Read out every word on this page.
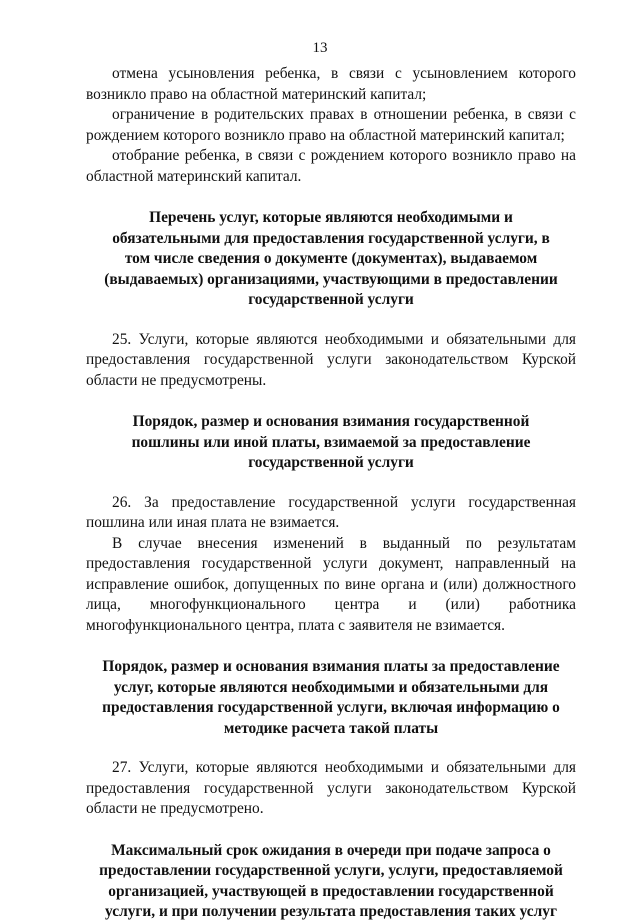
13

отмена усыновления ребенка, в связи с усыновлением которого возникло право на областной материнский капитал;

ограничение в родительских правах в отношении ребенка, в связи с рождением которого возникло право на областной материнский капитал;

отобрание ребенка, в связи с рождением которого возникло право на областной материнский капитал.

Перечень услуг, которые являются необходимыми и обязательными для предоставления государственной услуги, в том числе сведения о документе (документах), выдаваемом (выдаваемых) организациями, участвующими в предоставлении государственной услуги

25. Услуги, которые являются необходимыми и обязательными для предоставления государственной услуги законодательством Курской области не предусмотрены.

Порядок, размер и основания взимания государственной пошлины или иной платы, взимаемой за предоставление государственной услуги

26. За предоставление государственной услуги государственная пошлина или иная плата не взимается.

В случае внесения изменений в выданный по результатам предоставления государственной услуги документ, направленный на исправление ошибок, допущенных по вине органа и (или) должностного лица, многофункционального центра и (или) работника многофункционального центра, плата с заявителя не взимается.

Порядок, размер и основания взимания платы за предоставление услуг, которые являются необходимыми и обязательными для предоставления государственной услуги, включая информацию о методике расчета такой платы

27. Услуги, которые являются необходимыми и обязательными для предоставления государственной услуги законодательством Курской области не предусмотрено.

Максимальный срок ожидания в очереди при подаче запроса о предоставлении государственной услуги, услуги, предоставляемой организацией, участвующей в предоставлении государственной услуги, и при получении результата предоставления таких услуг
